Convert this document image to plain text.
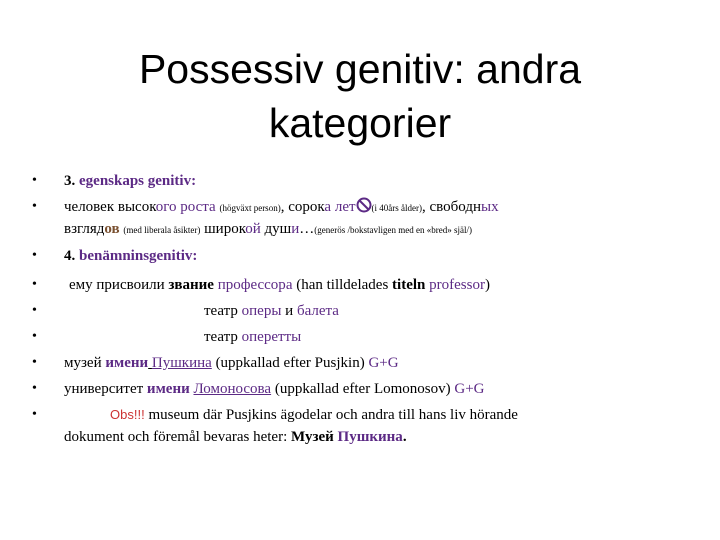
Possessiv genitiv: andra
kategorier
•
•
•
•
•
•
•
•
•
3. egenskaps genitiv:
человек высокого роста (högväxt person), сорока лет (i 40års ålder), свободных
взглядов (med liberala åsikter) широкой души…(generös /bokstavligen med en «bred» själ/)
4. benämninsgenitiv:
ему присвоили звание профессора (han tilldelades titeln professor)
театр оперы и балета
театр оперетты
музей имени Пушкина (uppkallad efter Pusjkin) G+G
университет имени Ломоносова (uppkallad efter Lomonosov) G+G
Obs!!! museum där Pusjkins ägodelar och andra till hans liv hörande
dokument och föremål bevaras heter: Музей Пушкина.
